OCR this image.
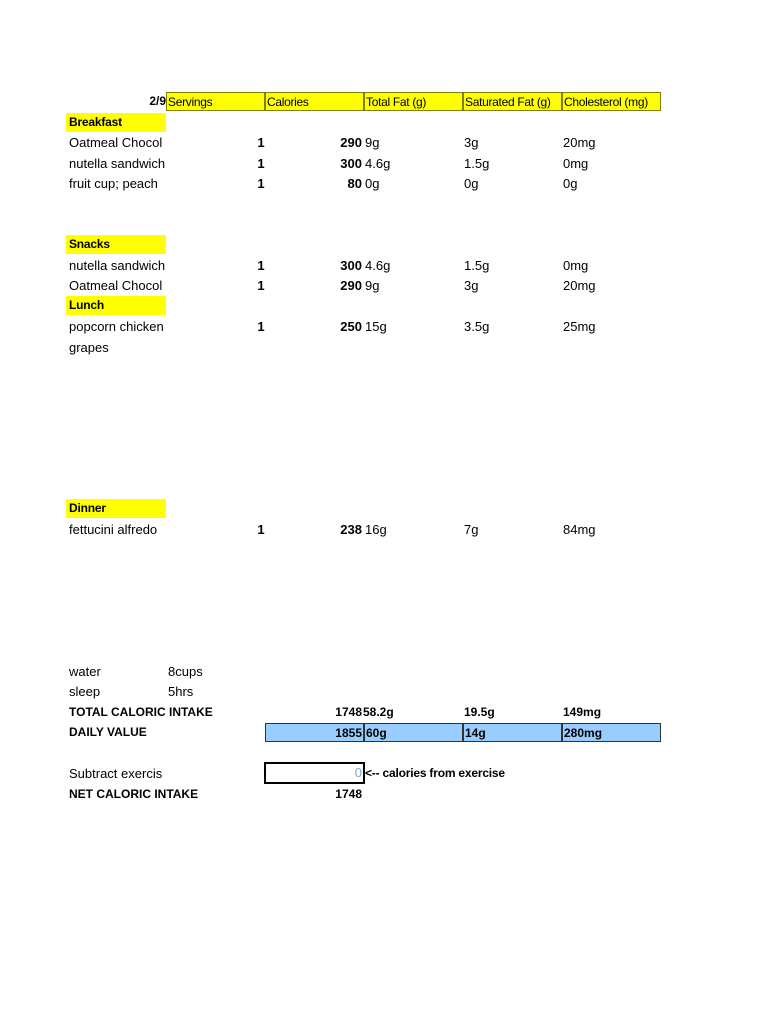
2/9 Servings	Calories	Total Fat (g)	Saturated Fat (g)	Cholesterol (mg)
Breakfast
Oatmeal Chocol	1	290 9g	3g	20mg
nutella sandwich	1	300 4.6g	1.5g	0mg
fruit cup; peach	1	80 0g	0g	0g
Snacks
nutella sandwich	1	300 4.6g	1.5g	0mg
Oatmeal Chocol	1	290 9g	3g	20mg
Lunch
popcorn chicken	1	250 15g	3.5g	25mg
grapes
Dinner
fettucini alfredo	1	238 16g	7g	84mg
water	8cups
sleep	5hrs
TOTAL CALORIC INTAKE	1748 58.2g	19.5g	149mg
DAILY VALUE	1855 60g	14g	280mg
Subtract exercis	0 <-- calories from exercise
NET CALORIC INTAKE	1748
